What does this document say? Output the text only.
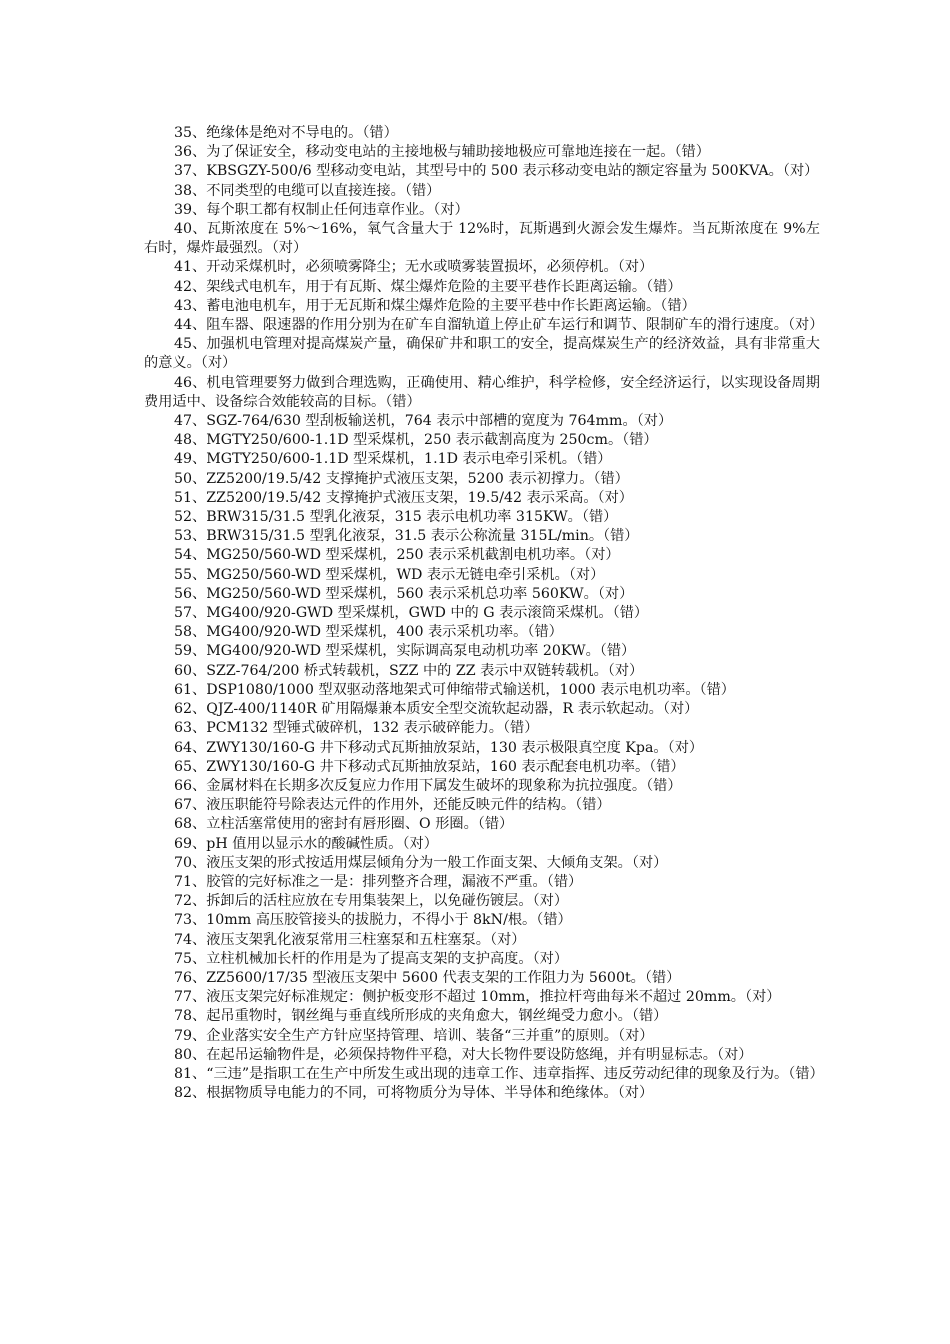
35、绝缘体是绝对不导电的。（错）

36、为了保证安全，移动变电站的主接地极与辅助接地极应可靠地连接在一起。（错）

37、KBSGZY-500/6 型移动变电站，其型号中的 500 表示移动变电站的额定容量为 500KVA。（对）

38、不同类型的电缆可以直接连接。（错）

39、每个职工都有权制止任何违章作业。（对）

40、瓦斯浓度在 5%～16%，氧气含量大于 12%时，瓦斯遇到火源会发生爆炸。当瓦斯浓度在 9%左右时，爆炸最强烈。（对）

41、开动采煤机时，必须喷雾降尘；无水或喷雾装置损坏，必须停机。（对）

42、架线式电机车，用于有瓦斯、煤尘爆炸危险的主要平巷作长距离运输。（错）

43、蓄电池电机车，用于无瓦斯和煤尘爆炸危险的主要平巷中作长距离运输。（错）

44、阻车器、限速器的作用分别为在矿车自溜轨道上停止矿车运行和调节、限制矿车的滑行速度。（对）

45、加强机电管理对提高煤炭产量，确保矿井和职工的安全，提高煤炭生产的经济效益，具有非常重大的意义。（对）

46、机电管理要努力做到合理选购，正确使用、精心维护，科学检修，安全经济运行，以实现设备周期费用适中、设备综合效能较高的目标。（错）

47、SGZ-764/630 型刮板输送机，764 表示中部槽的宽度为 764mm。（对）

48、MGTY250/600-1.1D 型采煤机，250 表示截割高度为 250cm。（错）

49、MGTY250/600-1.1D 型采煤机，1.1D 表示电牵引采机。（错）

50、ZZ5200/19.5/42 支撑掩护式液压支架，5200 表示初撑力。（错）

51、ZZ5200/19.5/42 支撑掩护式液压支架，19.5/42 表示采高。（对）

52、BRW315/31.5 型乳化液泵，315 表示电机功率 315KW。（错）

53、BRW315/31.5 型乳化液泵，31.5 表示公称流量 315L/min。（错）

54、MG250/560-WD 型采煤机，250 表示采机截割电机功率。（对）

55、MG250/560-WD 型采煤机，WD 表示无链电牵引采机。（对）

56、MG250/560-WD 型采煤机，560 表示采机总功率 560KW。（对）

57、MG400/920-GWD 型采煤机，GWD 中的 G 表示滚筒采煤机。（错）

58、MG400/920-WD 型采煤机，400 表示采机功率。（错）

59、MG400/920-WD 型采煤机，实际调高泵电动机功率 20KW。（错）

60、SZZ-764/200 桥式转载机，SZZ 中的 ZZ 表示中双链转载机。（对）

61、DSP1080/1000 型双驱动落地架式可伸缩带式输送机，1000 表示电机功率。（错）

62、QJZ-400/1140R 矿用隔爆兼本质安全型交流软起动器，R 表示软起动。（对）

63、PCM132 型锤式破碎机，132 表示破碎能力。（错）

64、ZWY130/160-G 井下移动式瓦斯抽放泵站，130 表示极限真空度 Kpa。（对）

65、ZWY130/160-G 井下移动式瓦斯抽放泵站，160 表示配套电机功率。（错）

66、金属材料在长期多次反复应力作用下属发生破坏的现象称为抗拉强度。（错）

67、液压职能符号除表达元件的作用外，还能反映元件的结构。（错）

68、立柱活塞常使用的密封有唇形圈、O 形圈。（错）

69、pH 值用以显示水的酸碱性质。（对）

70、液压支架的形式按适用煤层倾角分为一般工作面支架、大倾角支架。（对）

71、胶管的完好标准之一是：排列整齐合理，漏液不严重。（错）

72、拆卸后的活柱应放在专用集装架上，以免碰伤镀层。（对）

73、10mm 高压胶管接头的拔脱力，不得小于 8kN/根。（错）

74、液压支架乳化液泵常用三柱塞泵和五柱塞泵。（对）

75、立柱机械加长杆的作用是为了提高支架的支护高度。（对）

76、ZZ5600/17/35 型液压支架中 5600 代表支架的工作阻力为 5600t。（错）

77、液压支架完好标准规定：侧护板变形不超过 10mm，推拉杆弯曲每米不超过 20mm。（对）

78、起吊重物时，钢丝绳与垂直线所形成的夹角愈大，钢丝绳受力愈小。（错）

79、企业落实安全生产方针应坚持管理、培训、装备“三并重”的原则。（对）

80、在起吊运输物件是，必须保持物件平稳，对大长物件要设防悠绳，并有明显标志。（对）

81、“三违”是指职工在生产中所发生或出现的违章工作、违章指挥、违反劳动纪律的现象及行为。（错）

82、根据物质导电能力的不同，可将物质分为导体、半导体和绝缘体。（对）
